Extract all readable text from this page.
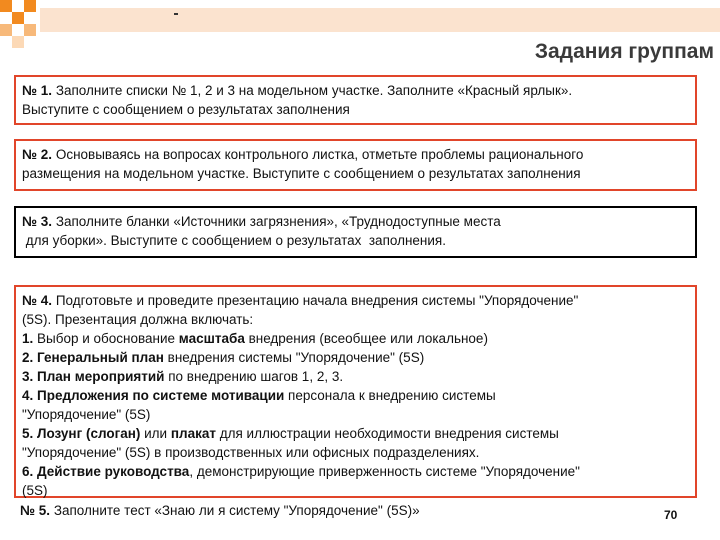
Задания группам
№ 1. Заполните списки № 1, 2 и 3 на модельном участке. Заполните «Красный ярлык».
Выступите с сообщением о результатах заполнения
№ 2. Основываясь на вопросах контрольного листка, отметьте проблемы рационального
размещения на модельном участке. Выступите с сообщением о результатах заполнения
№ 3. Заполните бланки «Источники загрязнения», «Труднодоступные места
для уборки». Выступите с сообщением о результатах  заполнения.
№ 4. Подготовьте и проведите презентацию начала внедрения системы "Упорядочение"
(5S). Презентация должна включать:
1. Выбор и обоснование масштаба внедрения (всеобщее или локальное)
2. Генеральный план внедрения системы "Упорядочение" (5S)
3. План мероприятий по внедрению шагов 1, 2, 3.
4. Предложения по системе мотивации персонала к внедрению системы
"Упорядочение" (5S)
5. Лозунг (слоган) или плакат для иллюстрации необходимости внедрения системы
"Упорядочение" (5S) в производственных или офисных подразделениях.
6. Действие руководства, демонстрирующие приверженность системе "Упорядочение"
(5S)
№ 5. Заполните тест «Знаю ли я систему "Упорядочение" (5S)»	70
